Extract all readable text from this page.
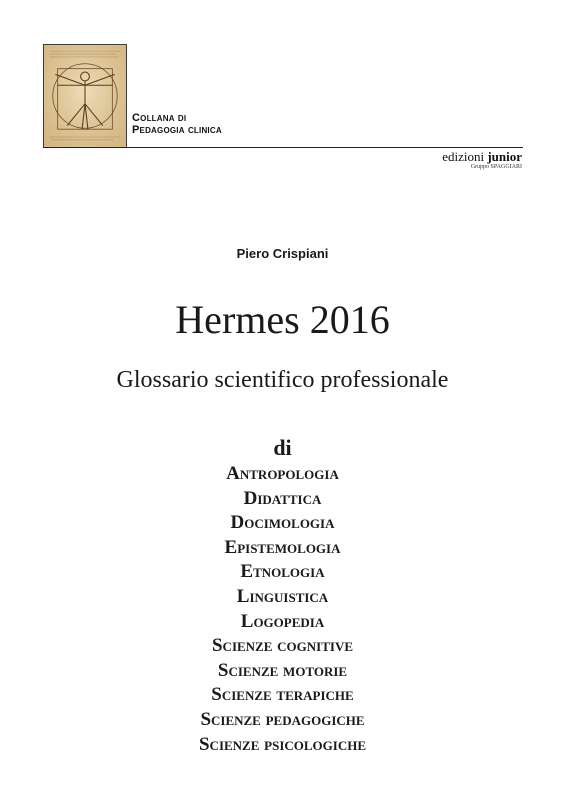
Collana di
Pedagogia clinica
edizioni junior
Gruppo SPAGGIARI
Piero Crispiani
Hermes 2016
Glossario scientifico professionale
di
Antropologia
Didattica
Docimologia
Epistemologia
Etnologia
Linguistica
Logopedia
Scienze cognitive
Scienze motorie
Scienze terapiche
Scienze pedagogiche
Scienze psicologiche
